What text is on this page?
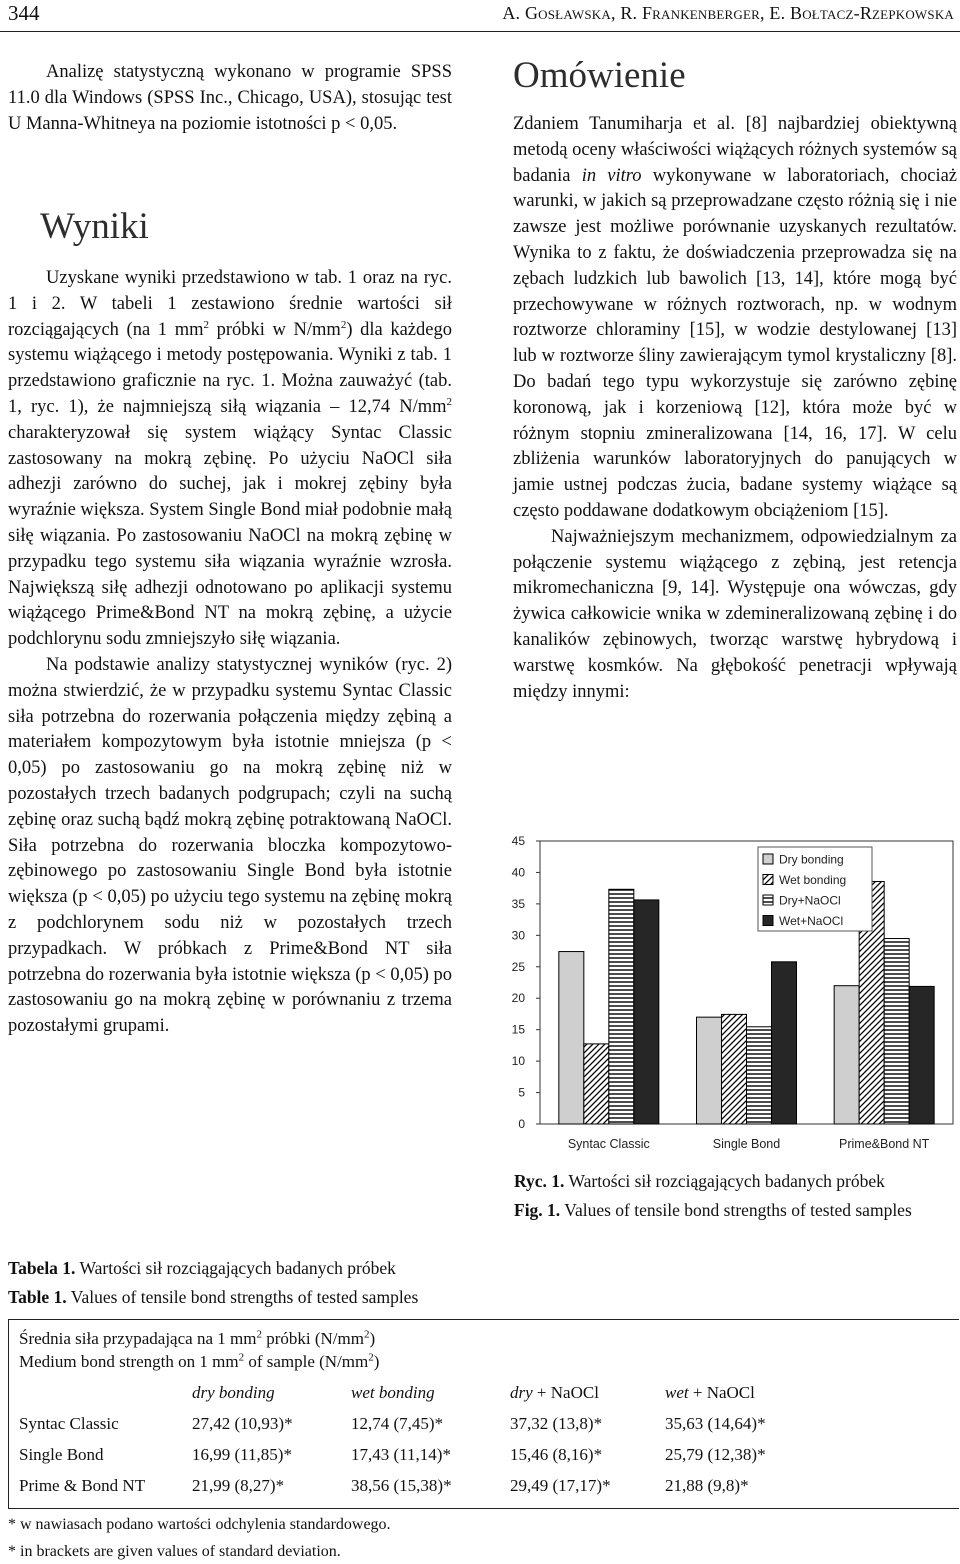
344	A. Gosławska, R. Frankenberger, E. Bołtacz-Rzepkowska

Analizę statystyczną wykonano w programie SPSS 11.0 dla Windows (SPSS Inc., Chicago, USA), stosując test U Manna-Whitneya na poziomie istotności p < 0,05.

Wyniki

Uzyskane wyniki przedstawiono w tab. 1 oraz na ryc. 1 i 2. W tabeli 1 zestawiono średnie wartości sił rozciągających (na 1 $mm^2$ próbki w $N/mm^2$) dla każdego systemu wiążącego i metody postępowania. Wyniki z tab. 1 przedstawiono graficznie na ryc. 1. Można zauważyć (tab. 1, ryc. 1), że najmniejszą siłą wiązania – 12,74 $N/mm^2$ charakteryzował się system wiążący Syntac Classic zastosowany na mokrą zębinę. Po użyciu NaOCl siła adhezji zarówno do suchej, jak i mokrej zębiny była wyraźnie większa. System Single Bond miał podobnie małą siłę wiązania. Po zastosowaniu NaOCl na mokrą zębinę w przypadku tego systemu siła wiązania wyraźnie wzrosła. Największą siłę adhezji odnotowano po aplikacji systemu wiążącego Prime&Bond NT na mokrą zębinę, a użycie podchlorynu sodu zmniejszyło siłę wiązania.

Na podstawie analizy statystycznej wyników (ryc. 2) można stwierdzić, że w przypadku systemu Syntac Classic siła potrzebna do rozerwania połączenia między zębiną a materiałem kompozytowym była istotnie mniejsza (p < 0,05) po zastosowaniu go na mokrą zębinę niż w pozostałych trzech badanych podgrupach; czyli na suchą zębinę oraz suchą bądź mokrą zębinę potraktowaną NaOCl. Siła potrzebna do rozerwania bloczka kompozytowo-zębinowego po zastosowaniu Single Bond była istotnie większa (p < 0,05) po użyciu tego systemu na zębinę mokrą z podchlorynem sodu niż w pozostałych trzech przypadkach. W próbkach z Prime&Bond NT siła potrzebna do rozerwania była istotnie większa (p < 0,05) po zastosowaniu go na mokrą zębinę w porównaniu z trzema pozostałymi grupami.

Omówienie

Zdaniem Tanumiharja et al. [8] najbardziej obiektywną metodą oceny właściwości wiążących różnych systemów są badania in vitro wykonywane w laboratoriach, chociaż warunki, w jakich są przeprowadzane często różnią się i nie zawsze jest możliwe porównanie uzyskanych rezultatów. Wynika to z faktu, że doświadczenia przeprowadza się na zębach ludzkich lub bawolich [13, 14], które mogą być przechowywane w różnych roztworach, np. w wodnym roztworze chloraminy [15], w wodzie destylowanej [13] lub w roztworze śliny zawierającym tymol krystaliczny [8]. Do badań tego typu wykorzystuje się zarówno zębinę koronową, jak i korzeniową [12], która może być w różnym stopniu zmineralizowana [14, 16, 17]. W celu zbliżenia warunków laboratoryjnych do panujących w jamie ustnej podczas żucia, badane systemy wiążące są często poddawane dodatkowym obciążeniom [15].

Najważniejszym mechanizmem, odpowiedzialnym za połączenie systemu wiążącego z zębiną, jest retencja mikromechaniczna [9, 14]. Występuje ona wówczas, gdy żywica całkowicie wnika w zdemineralizowaną zębinę i do kanalików zębinowych, tworząc warstwę hybrydową i warstwę kosmków. Na głębokość penetracji wpływają między innymi:

0
5
10
15
20
25
30
35
40
45
Syntac Classic	Single Bond	Prime&Bond NT
Dry bonding
Wet bonding
Dry+NaOCl
Wet+NaOCl
Ryc. 1. Wartości sił rozciągających badanych próbek
Fig. 1. Values of tensile bond strengths of tested samples
Tabela 1. Wartości sił rozciągających badanych próbek
Table 1. Values of tensile bond strengths of tested samples
Średnia siła przypadająca na 1 $mm^2$ próbki $(N/mm^2)$
Medium bond strength on 1 $mm^2$ of sample $(N/mm^2)$
dry bonding	wet bonding	dry + NaOCl	wet + NaOCl
Syntac Classic	27,42 (10,93)*	12,74 (7,45)*	37,32 (13,8)*	35,63 (14,64)*
Single Bond	16,99 (11,85)*	17,43 (11,14)*	15,46 (8,16)*	25,79 (12,38)*
Prime & Bond NT	21,99 (8,27)*	38,56 (15,38)*	29,49 (17,17)*	21,88 (9,8)*
* w nawiasach podano wartości odchylenia standardowego.
* in brackets are given values of standard deviation.
